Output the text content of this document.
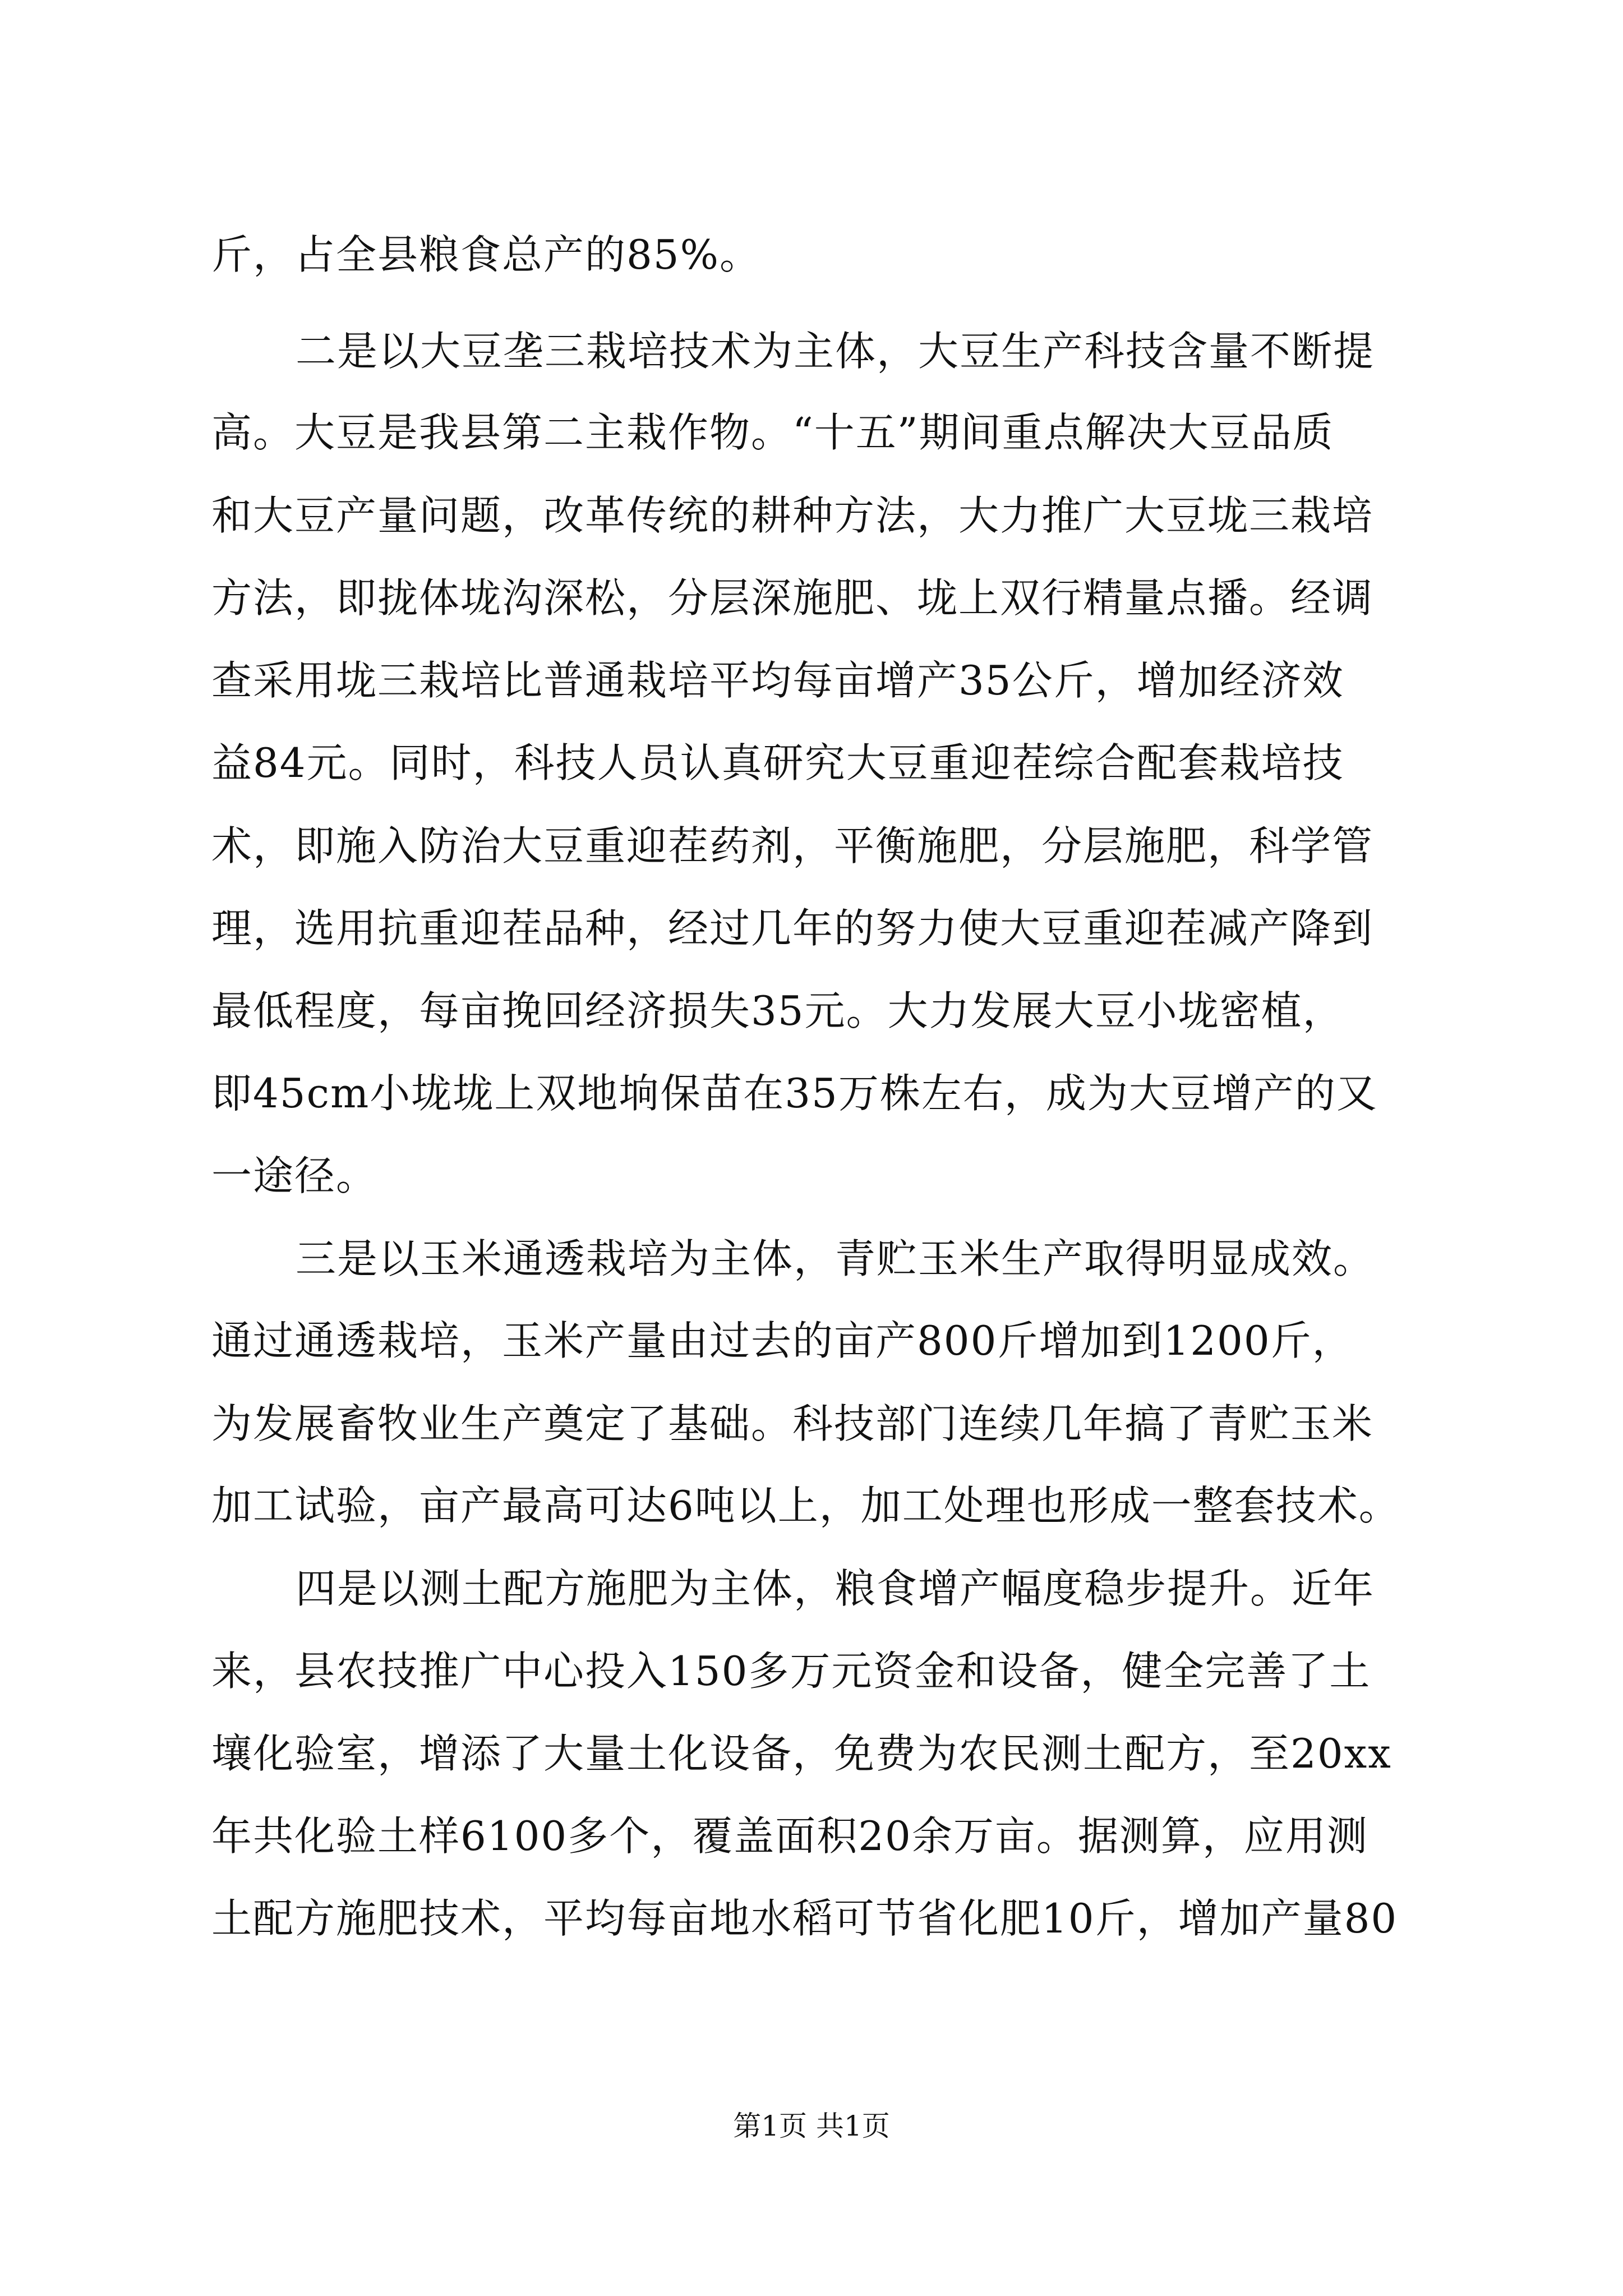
斤，占全县粮食总产的85%。
二是以大豆垄三栽培技术为主体，大豆生产科技含量不断提
高。大豆是我县第二主栽作物。“十五”期间重点解决大豆品质
和大豆产量问题，改革传统的耕种方法，大力推广大豆垅三栽培
方法，即拢体垅沟深松，分层深施肥、垅上双行精量点播。经调
查采用垅三栽培比普通栽培平均每亩增产35公斤，增加经济效
益84元。同时，科技人员认真研究大豆重迎茬综合配套栽培技
术，即施入防治大豆重迎茬药剂，平衡施肥，分层施肥，科学管
理，选用抗重迎茬品种，经过几年的努力使大豆重迎茬减产降到
最低程度，每亩挽回经济损失35元。大力发展大豆小垅密植，
即45cm小垅垅上双地垧保苗在35万株左右，成为大豆增产的又
一途径。
三是以玉米通透栽培为主体，青贮玉米生产取得明显成效。
通过通透栽培，玉米产量由过去的亩产800斤增加到1200斤，
为发展畜牧业生产奠定了基础。科技部门连续几年搞了青贮玉米
加工试验，亩产最高可达6吨以上，加工处理也形成一整套技术。
四是以测土配方施肥为主体，粮食增产幅度稳步提升。近年
来，县农技推广中心投入150多万元资金和设备，健全完善了土
壤化验室，增添了大量土化设备，免费为农民测土配方，至20xx
年共化验土样6100多个，覆盖面积20余万亩。据测算，应用测
土配方施肥技术，平均每亩地水稻可节省化肥10斤，增加产量80
第1页 共1页
